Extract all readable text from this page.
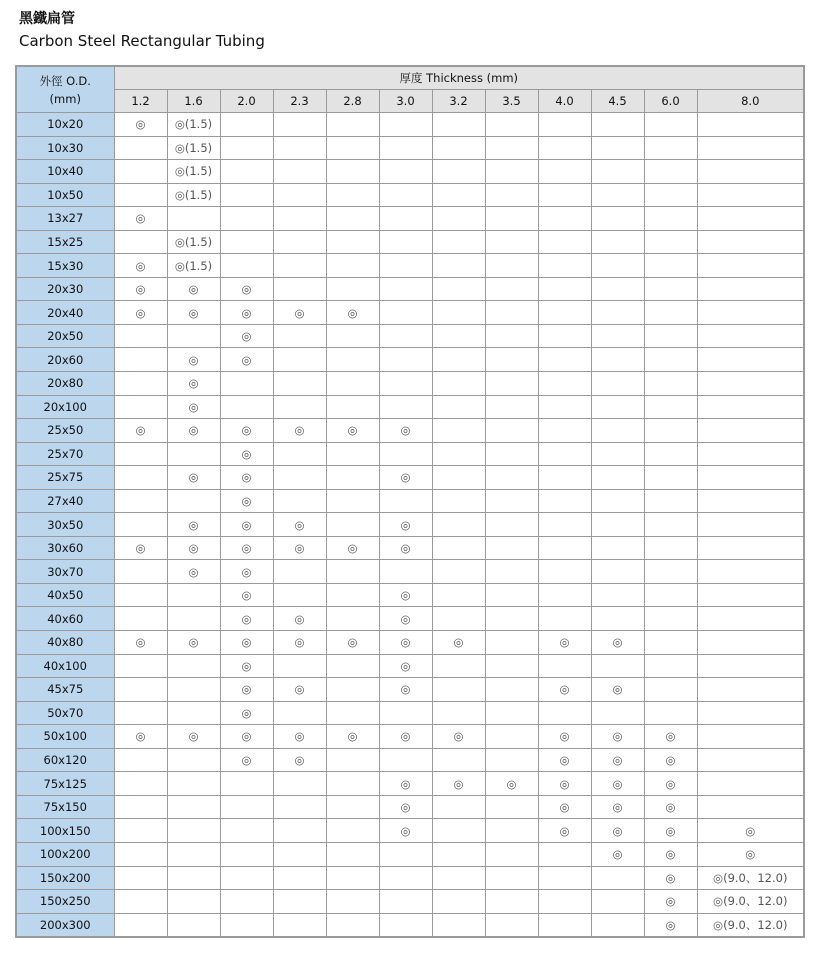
黑鐵扁管
Carbon Steel Rectangular Tubing
外徑 O.D.
(mm)	厚度 Thickness (mm)											
	1.2	1.6	2.0	2.3	2.8	3.0	3.2	3.5	4.0	4.5	6.0	8.0
10x20	◎	◎(1.5)										
10x30		◎(1.5)										
10x40		◎(1.5)										
10x50		◎(1.5)										
13x27	◎											
15x25		◎(1.5)										
15x30	◎	◎(1.5)										
20x30	◎	◎	◎									
20x40	◎	◎	◎	◎	◎							
20x50			◎									
20x60		◎	◎									
20x80		◎										
20x100		◎										
25x50	◎	◎	◎	◎	◎	◎						
25x70			◎									
25x75		◎	◎			◎						
27x40			◎									
30x50		◎	◎	◎		◎						
30x60	◎	◎	◎	◎	◎	◎						
30x70		◎	◎									
40x50			◎			◎						
40x60			◎	◎		◎						
40x80	◎	◎	◎	◎	◎	◎	◎		◎	◎		
40x100			◎			◎						
45x75			◎	◎		◎			◎	◎		
50x70			◎									
50x100	◎	◎	◎	◎	◎	◎	◎		◎	◎	◎	
60x120			◎	◎					◎	◎	◎	
75x125						◎	◎	◎	◎	◎	◎	
75x150						◎			◎	◎	◎	
100x150						◎			◎	◎	◎	◎
100x200										◎	◎	◎
150x200											◎	◎(9.0、12.0)
150x250											◎	◎(9.0、12.0)
200x300											◎	◎(9.0、12.0)
